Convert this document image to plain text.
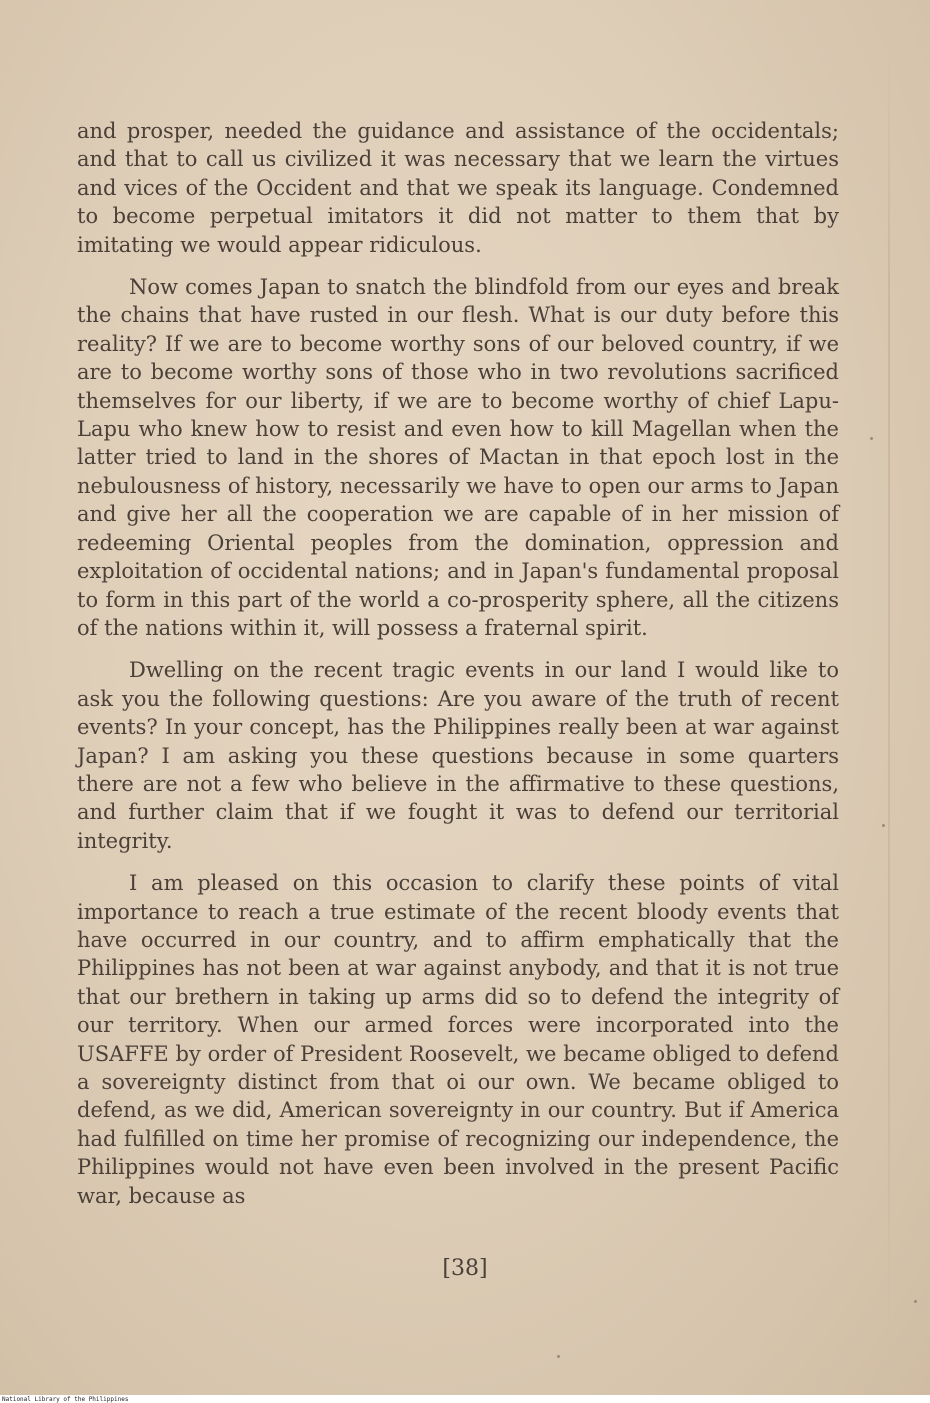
and prosper, needed the guidance and assistance of the occidentals; and that to call us civilized it was necessary that we learn the virtues and vices of the Occident and that we speak its language. Condemned to become perpetual imitators it did not matter to them that by imitating we would appear ridiculous.

Now comes Japan to snatch the blindfold from our eyes and break the chains that have rusted in our flesh. What is our duty before this reality? If we are to become worthy sons of our beloved country, if we are to become worthy sons of those who in two revolutions sacrificed themselves for our liberty, if we are to become worthy of chief Lapu-Lapu who knew how to resist and even how to kill Magellan when the latter tried to land in the shores of Mactan in that epoch lost in the nebulousness of history, necessarily we have to open our arms to Japan and give her all the cooperation we are capable of in her mission of redeeming Oriental peoples from the domination, oppression and exploitation of occidental nations; and in Japan's fundamental proposal to form in this part of the world a co-prosperity sphere, all the citizens of the nations within it, will possess a fraternal spirit.

Dwelling on the recent tragic events in our land I would like to ask you the following questions: Are you aware of the truth of recent events? In your concept, has the Philippines really been at war against Japan? I am asking you these questions because in some quarters there are not a few who believe in the affirmative to these questions, and further claim that if we fought it was to defend our territorial integrity.

I am pleased on this occasion to clarify these points of vital importance to reach a true estimate of the recent bloody events that have occurred in our country, and to affirm emphatically that the Philippines has not been at war against anybody, and that it is not true that our brethern in taking up arms did so to defend the integrity of our territory. When our armed forces were incorporated into the USAFFE by order of President Roosevelt, we became obliged to defend a sovereignty distinct from that oi our own. We became obliged to defend, as we did, American sovereignty in our country. But if America had fulfilled on time her promise of recognizing our independence, the Philippines would not have even been involved in the present Pacific war, because as

[38]
National Library of the Philippines
